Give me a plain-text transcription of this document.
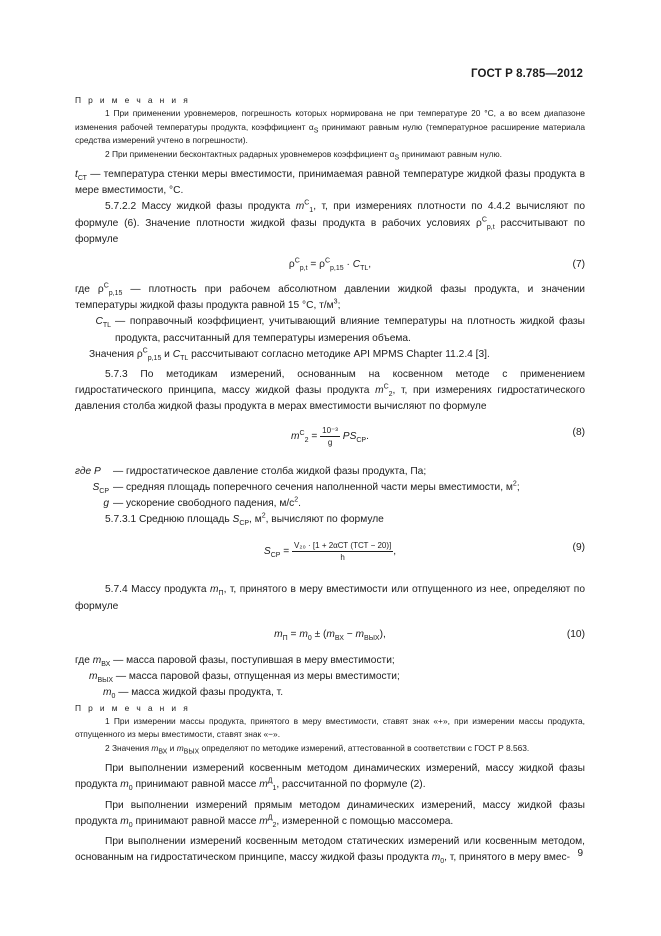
ГОСТ Р 8.785—2012

П р и м е ч а н и я

1 При применении уровнемеров, погрешность которых нормирована не при температуре 20 °С, а во всем диапазоне изменения рабочей температуры продукта, коэффициент $\alpha_S$ принимают равным нулю (температурное расширение материала средства измерений учтено в погрешности).

2 При применении бесконтактных радарных уровнемеров коэффициент $\alpha_S$ принимают равным нулю.

$t_{СТ}$ — температура стенки меры вместимости, принимаемая равной температуре жидкой фазы продукта в мере вместимости, °С.

5.7.2.2 Массу жидкой фазы продукта $m^С_1$, т, при измерениях плотности по 4.4.2 вычисляют по формуле (6). Значение плотности жидкой фазы продукта в рабочих условиях $\rho^С_{p,t}$ рассчитывают по формуле

$\rho^С_{p,t} = \rho^С_{p,15} \cdot C_{TL}$,	(7)

где $\rho^С_{p,15}$ — плотность при рабочем абсолютном давлении жидкой фазы продукта, и значении температуры жидкой фазы продукта равной 15 °С, $т/м^3$;

$C_{TL}$ — поправочный коэффициент, учитывающий влияние температуры на плотность жидкой фазы продукта, рассчитанный для температуры измерения объема.

Значения $\rho^С_{p,15}$ и $C_{TL}$ рассчитывают согласно методике API MPMS Chapter 11.2.4 [3].

5.7.3 По методикам измерений, основанным на косвенном методе с применением гидростатического принципа, массу жидкой фазы продукта $m^С_2$, т, при измерениях гидростатического давления столба жидкой фазы продукта в мерах вместимости вычисляют по формуле

$m^С_2 = \frac{\text{10⁻³}}{g} PS_{СР}$.	(8)
где P	— гидростатическое давление столба жидкой фазы продукта, Па;
$S_{СР}$ — средняя площадь поперечного сечения наполненной части меры вместимости, $м^2$;
g — ускорение свободного падения, $м/с^2$.

5.7.3.1 Среднюю площадь $S_{СР}$, $м^2$, вычисляют по формуле

$S_{СР} = \frac{\text{V₂₀ · [1 + 2αСТ (TСТ − 20)]}}{h}$ ,	(9)

5.7.4 Массу продукта $m_П$, т, принятого в меру вместимости или отпущенного из нее, определяют по формуле

$m_П = m_0 \pm (m_{ВХ} - m_{ВЫХ})$,	(10)

где $m_{ВХ}$ — масса паровой фазы, поступившая в меру вместимости;

$m_{ВЫХ}$ — масса паровой фазы, отпущенная из меры вместимости;

$m_0$ — масса жидкой фазы продукта, т.

П р и м е ч а н и я

1 При измерении массы продукта, принятого в меру вместимости, ставят знак «+», при измерении массы продукта, отпущенного из меры вместимости, ставят знак «−».

2 Значения $m_{ВХ}$ и $m_{ВЫХ}$ определяют по методике измерений, аттестованной в соответствии с ГОСТ Р 8.563.

При выполнении измерений косвенным методом динамических измерений, массу жидкой фазы продукта $m_0$ принимают равной массе $m^Д_1$, рассчитанной по формуле (2).

При выполнении измерений прямым методом динамических измерений, массу жидкой фазы продукта $m_0$ принимают равной массе $m^Д_2$, измеренной с помощью массомера.

При выполнении измерений косвенным методом статических измерений или косвенным методом, основанным на гидростатическом принципе, массу жидкой фазы продукта $m_0$, т, принятого в меру вмес- 9
